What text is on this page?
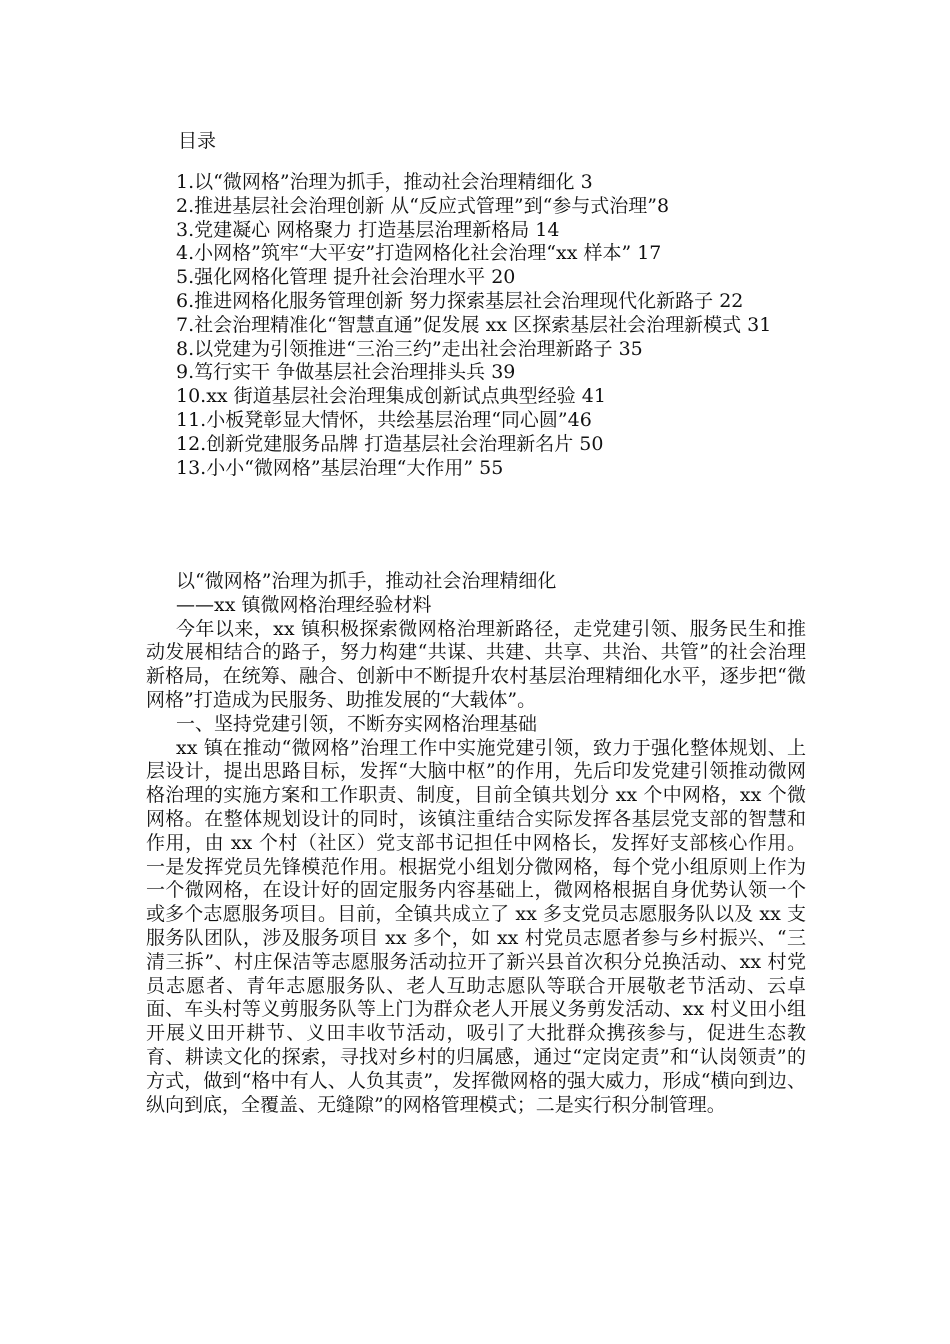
目录
1.以“微网格”治理为抓手，推动社会治理精细化 3
2.推进基层社会治理创新 从“反应式管理”到“参与式治理”8
3.党建凝心 网格聚力 打造基层治理新格局 14
4.小网格”筑牢“大平安”打造网格化社会治理“xx 样本” 17
5.强化网格化管理 提升社会治理水平 20
6.推进网格化服务管理创新 努力探索基层社会治理现代化新路子 22
7.社会治理精准化“智慧直通”促发展 xx 区探索基层社会治理新模式 31
8.以党建为引领推进“三治三约”走出社会治理新路子 35
9.笃行实干 争做基层社会治理排头兵 39
10.xx 街道基层社会治理集成创新试点典型经验 41
11.小板凳彰显大情怀，共绘基层治理“同心圆”46
12.创新党建服务品牌 打造基层社会治理新名片 50
13.小小“微网格”基层治理“大作用” 55
以“微网格”治理为抓手，推动社会治理精细化
——xx 镇微网格治理经验材料

今年以来，xx 镇积极探索微网格治理新路径，走党建引领、服务民生和推动发展相结合的路子，努力构建“共谋、共建、共享、共治、共管”的社会治理新格局，在统筹、融合、创新中不断提升农村基层治理精细化水平，逐步把“微网格”打造成为民服务、助推发展的“大载体”。

一、坚持党建引领，不断夯实网格治理基础

xx 镇在推动“微网格”治理工作中实施党建引领，致力于强化整体规划、上层设计，提出思路目标，发挥“大脑中枢”的作用，先后印发党建引领推动微网格治理的实施方案和工作职责、制度，目前全镇共划分 xx 个中网格，xx 个微网格。在整体规划设计的同时，该镇注重结合实际发挥各基层党支部的智慧和作用，由 xx 个村（社区）党支部书记担任中网格长，发挥好支部核心作用。一是发挥党员先锋模范作用。根据党小组划分微网格，每个党小组原则上作为一个微网格，在设计好的固定服务内容基础上，微网格根据自身优势认领一个或多个志愿服务项目。目前，全镇共成立了 xx 多支党员志愿服务队以及 xx 支服务队团队，涉及服务项目 xx 多个，如 xx 村党员志愿者参与乡村振兴、“三清三拆”、村庄保洁等志愿服务活动拉开了新兴县首次积分兑换活动、xx 村党员志愿者、青年志愿服务队、老人互助志愿队等联合开展敬老节活动、云卓面、车头村等义剪服务队等上门为群众老人开展义务剪发活动、xx 村义田小组开展义田开耕节、义田丰收节活动，吸引了大批群众携孩参与，促进生态教育、耕读文化的探索，寻找对乡村的归属感，通过“定岗定责”和“认岗领责”的方式，做到“格中有人、人负其责”，发挥微网格的强大威力，形成“横向到边、纵向到底，全覆盖、无缝隙”的网格管理模式；二是实行积分制管理。
